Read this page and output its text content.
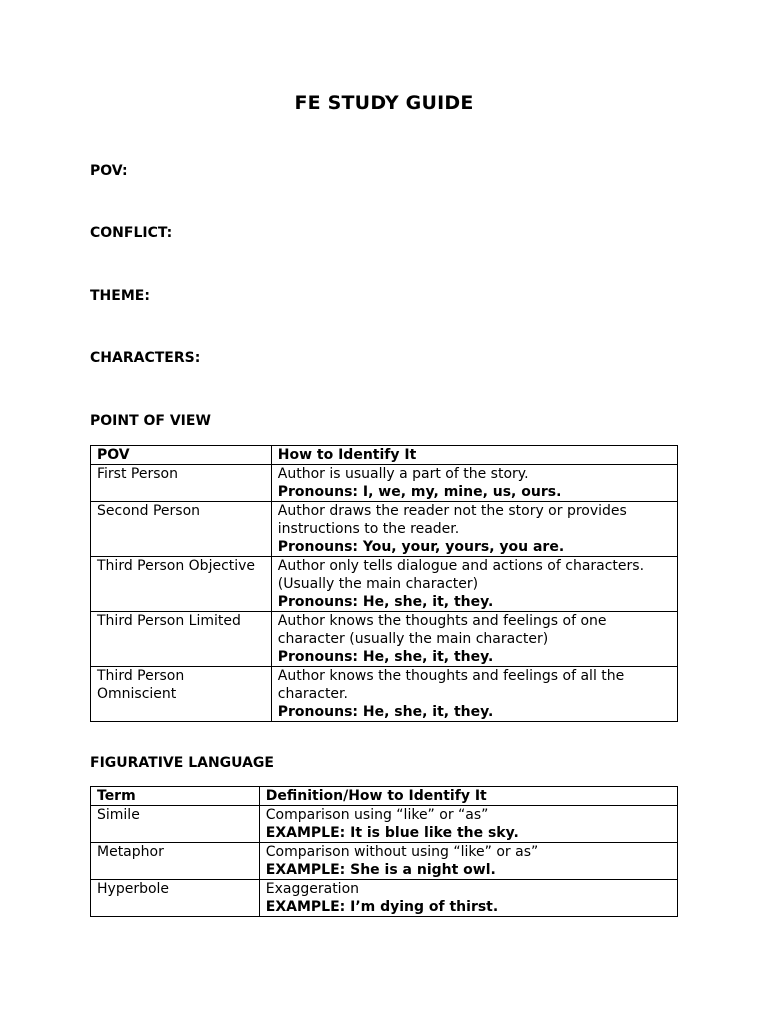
FE STUDY GUIDE
POV:
CONFLICT:
THEME:
CHARACTERS:
POINT OF VIEW
POV	How to Identify It
First Person	Author is usually a part of the story.
Pronouns: I, we, my, mine, us, ours.

Second Person	Author draws the reader not the story or provides instructions to the reader.
Pronouns: You, your, yours, you are.

Third Person Objective	Author only tells dialogue and actions of characters. (Usually the main character)
Pronouns: He, she, it, they.

Third Person Limited	Author knows the thoughts and feelings of one character (usually the main character)
Pronouns: He, she, it, they.

Third Person Omniscient	Author knows the thoughts and feelings of all the character.
Pronouns: He, she, it, they.
FIGURATIVE LANGUAGE
Term	Definition/How to Identify It
Simile	Comparison using “like” or “as”
EXAMPLE: It is blue like the sky.

Metaphor	Comparison without using “like” or as”
EXAMPLE: She is a night owl.

Hyperbole	Exaggeration
EXAMPLE: I’m dying of thirst.
